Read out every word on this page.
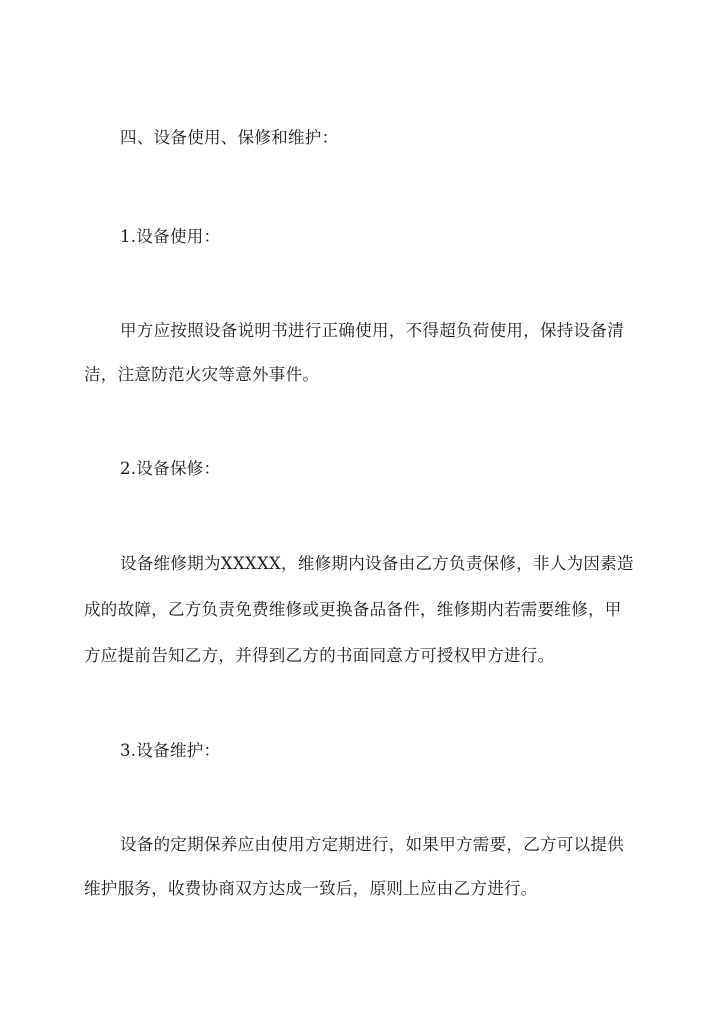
四、设备使用、保修和维护：

1.设备使用：

甲方应按照设备说明书进行正确使用，不得超负荷使用，保持设备清

洁，注意防范火灾等意外事件。

2.设备保修：

设备维修期为XXXXX，维修期内设备由乙方负责保修，非人为因素造

成的故障，乙方负责免费维修或更换备品备件，维修期内若需要维修，甲

方应提前告知乙方，并得到乙方的书面同意方可授权甲方进行。

3.设备维护：

设备的定期保养应由使用方定期进行，如果甲方需要，乙方可以提供

维护服务，收费协商双方达成一致后，原则上应由乙方进行。
